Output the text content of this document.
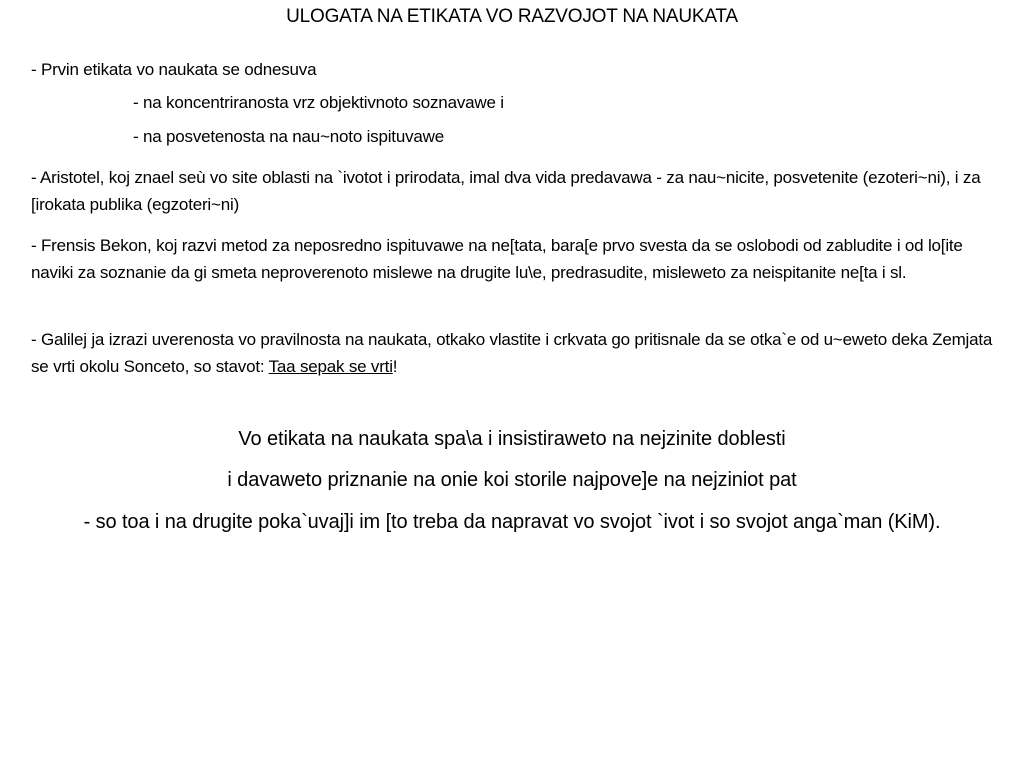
ULOGATA NA ETIKATA VO RAZVOJOT NA NAUKATA
- Prvin etikata vo naukata se odnesuva
- na koncentriranosta vrz objektivnoto soznavawe i
- na posvetenosta na nau~noto ispituvawe
- Aristotel, koj znael seù vo site oblasti na `ivotot i prirodata, imal dva vida predavawa - za nau~nicite, posvetenite (ezoteri~ni), i za [irokata publika (egzoteri~ni)
- Frensis Bekon, koj razvi metod za neposredno ispituvawe na ne[tata, bara[e prvo svesta da se oslobodi od zabludite i od lo[ite naviki za soznanie da gi smeta neproverenoto mislewe na drugite lu\e, predrasudite, misleweto za neispitanite ne[ta i sl.
- Galilej ja izrazi uverenosta vo pravilnosta na naukata, otkako vlastite i crkvata go pritisnale da se otka`e od u~eweto deka Zemjata se vrti okolu Sonceto, so stavot: Taa sepak se vrti!
Vo etikata na naukata spa\a i insistiraweto na nejzinite doblesti
i davaweto priznanie na onie koi storile najpove]e na nejziniot pat
- so toa i na drugite poka`uvaj]i im [to treba da napravat vo svojot `ivot i so svojot anga`man (KiM).
